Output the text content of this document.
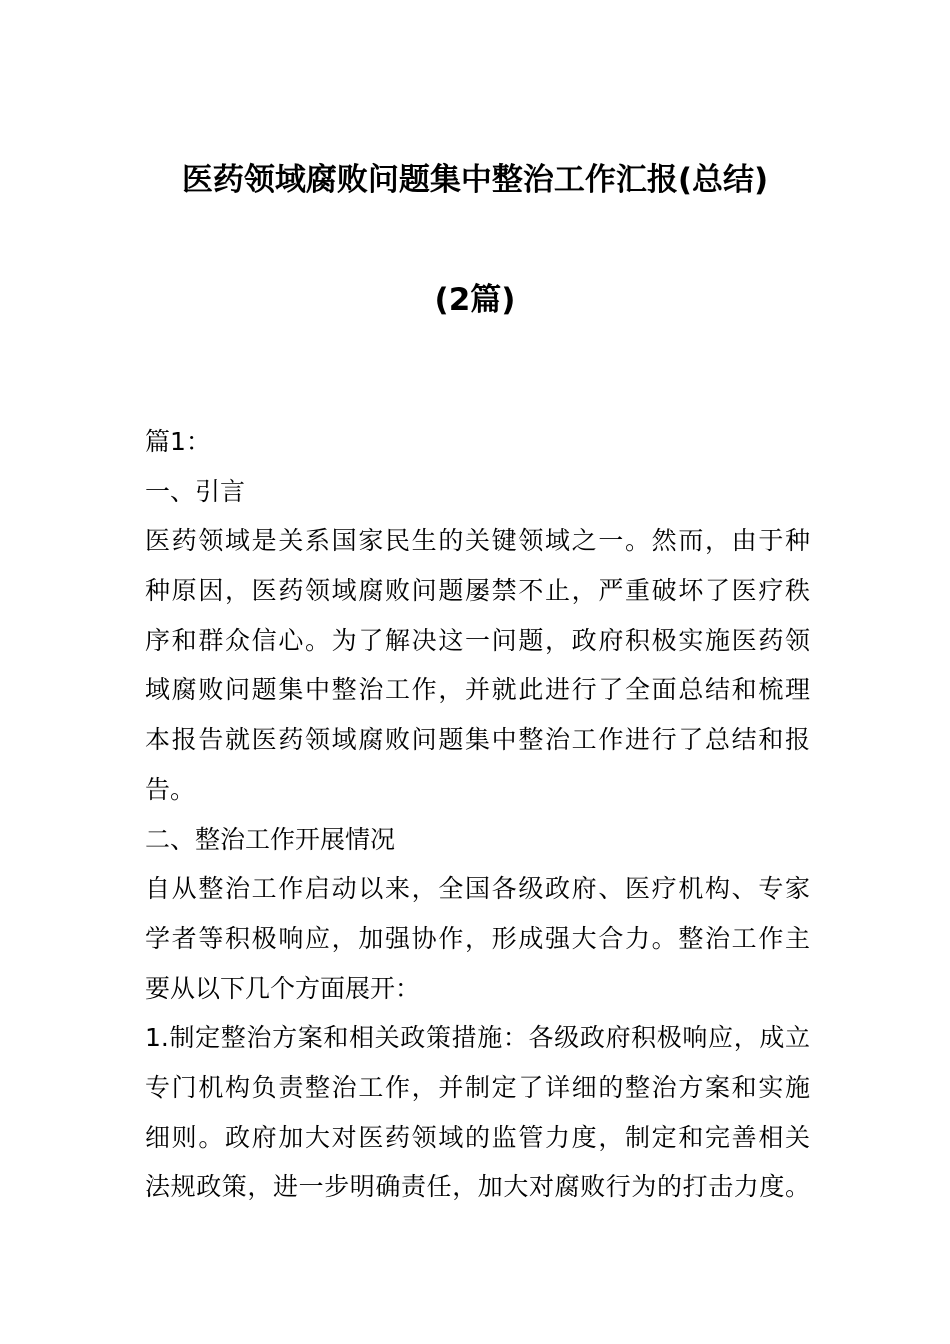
医药领域腐败问题集中整治工作汇报(总结)
(2篇)
篇1：
一、引言
医药领域是关系国家民生的关键领域之一。然而，由于种
种原因，医药领域腐败问题屡禁不止，严重破坏了医疗秩
序和群众信心。为了解决这一问题，政府积极实施医药领
域腐败问题集中整治工作，并就此进行了全面总结和梳理
本报告就医药领域腐败问题集中整治工作进行了总结和报
告。
二、整治工作开展情况
自从整治工作启动以来，全国各级政府、医疗机构、专家
学者等积极响应，加强协作，形成强大合力。整治工作主
要从以下几个方面展开：
1.制定整治方案和相关政策措施：各级政府积极响应，成立
专门机构负责整治工作，并制定了详细的整治方案和实施
细则。政府加大对医药领域的监管力度，制定和完善相关
法规政策，进一步明确责任，加大对腐败行为的打击力度。
